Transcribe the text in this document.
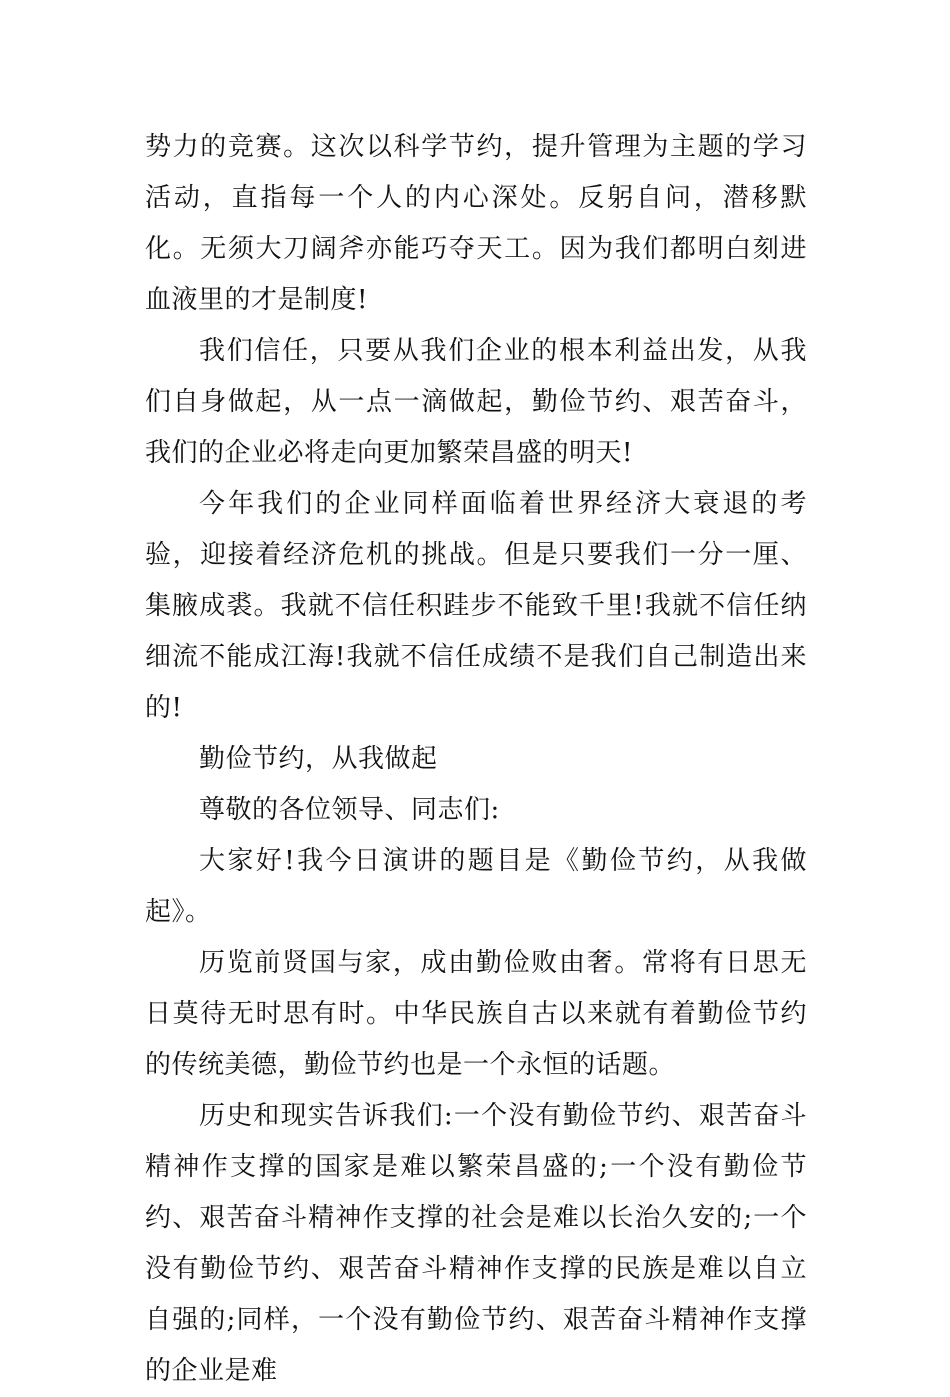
势力的竞赛。这次以科学节约，提升管理为主题的学习活动，直指每一个人的内心深处。反躬自问，潜移默化。无须大刀阔斧亦能巧夺天工。因为我们都明白刻进血液里的才是制度!

我们信任，只要从我们企业的根本利益出发，从我们自身做起，从一点一滴做起，勤俭节约、艰苦奋斗，我们的企业必将走向更加繁荣昌盛的明天!

今年我们的企业同样面临着世界经济大衰退的考验，迎接着经济危机的挑战。但是只要我们一分一厘、集腋成裘。我就不信任积跬步不能致千里!我就不信任纳细流不能成江海!我就不信任成绩不是我们自己制造出来的!

勤俭节约，从我做起

尊敬的各位领导、同志们:

大家好!我今日演讲的题目是《勤俭节约，从我做起》。

历览前贤国与家，成由勤俭败由奢。常将有日思无日莫待无时思有时。中华民族自古以来就有着勤俭节约的传统美德，勤俭节约也是一个永恒的话题。

历史和现实告诉我们:一个没有勤俭节约、艰苦奋斗精神作支撑的国家是难以繁荣昌盛的;一个没有勤俭节约、艰苦奋斗精神作支撑的社会是难以长治久安的;一个没有勤俭节约、艰苦奋斗精神作支撑的民族是难以自立自强的;同样，一个没有勤俭节约、艰苦奋斗精神作支撑的企业是难
